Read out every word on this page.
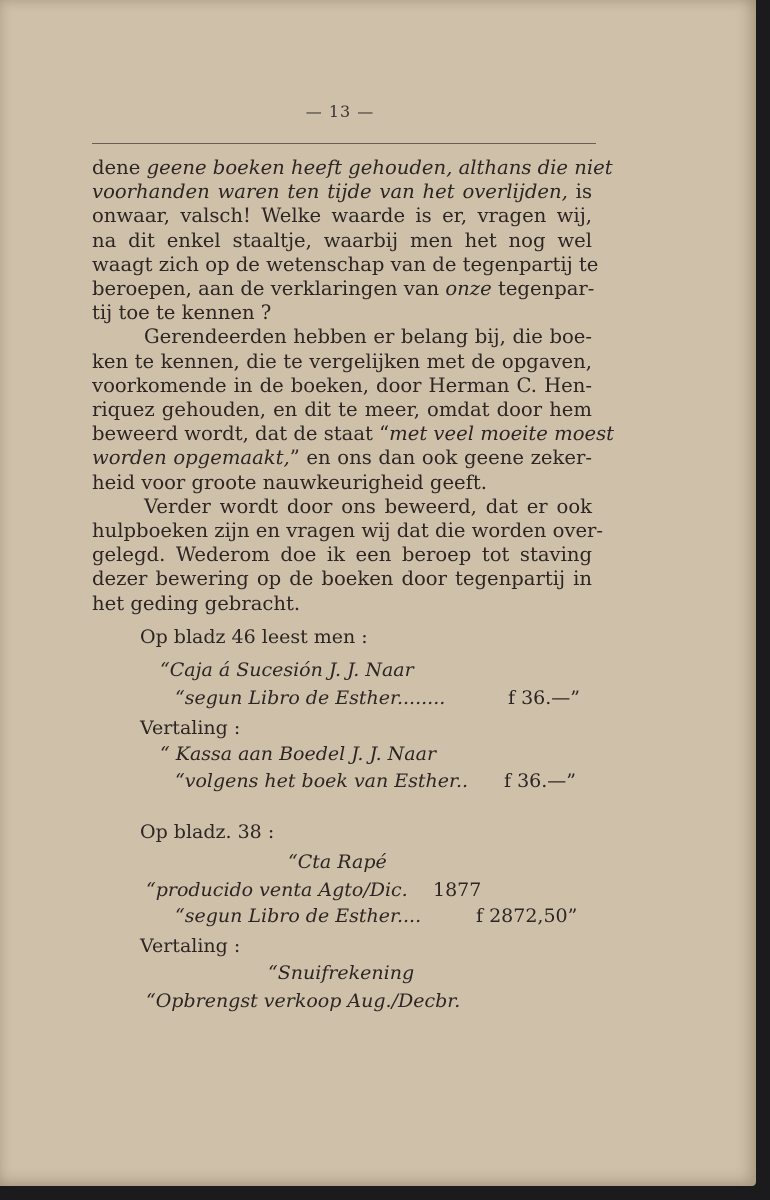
— 13 —

dene geene boeken heeft gehouden, althans die niet
voorhanden waren ten tijde van het overlijden, is
onwaar, valsch! Welke waarde is er, vragen wij,
na dit enkel staaltje, waarbij men het nog wel
waagt zich op de wetenschap van de tegenpartij te
beroepen, aan de verklaringen van onze tegenpar-
tij toe te kennen ?

Gerendeerden hebben er belang bij, die boe-
ken te kennen, die te vergelijken met de opgaven,
voorkomende in de boeken, door Herman C. Hen-
riquez gehouden, en dit te meer, omdat door hem
beweerd wordt, dat de staat “met veel moeite moest
worden opgemaakt,” en ons dan ook geene zeker-
heid voor groote nauwkeurigheid geeft.

Verder wordt door ons beweerd, dat er ook
hulpboeken zijn en vragen wij dat die worden over-
gelegd. Wederom doe ik een beroep tot staving
dezer bewering op de boeken door tegenpartij in
het geding gebracht.

Op bladz 46 leest men :
“Caja á Sucesión J. J. Naar
“segun Libro de Esther........	f 36.—”
Vertaling :
“ Kassa aan Boedel J. J. Naar
“volgens het boek van Esther.. f 36.—”
Op bladz. 38 :
“Cta Rapé
“producido venta Agto/Dic. 1877
“segun Libro de Esther....	f 2872,50”
Vertaling :
“Snuifrekening
“Opbrengst verkoop Aug./Decbr.
